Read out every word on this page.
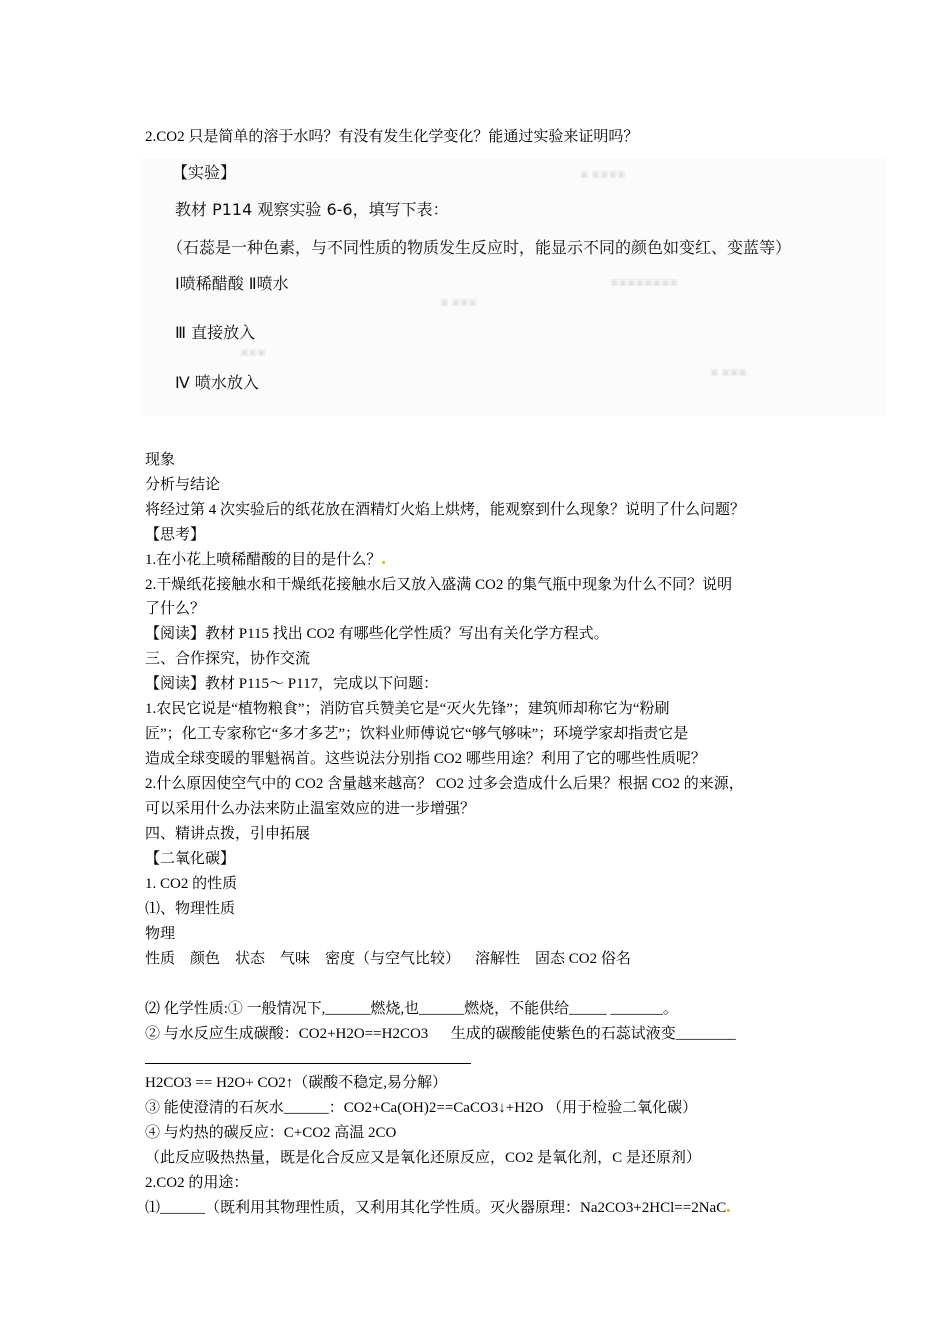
2.CO2 只是简单的溶于水吗？有没有发生化学变化？能通过实验来证明吗？
【实验】
教材 P114 观察实验 6-6，填写下表：
（石蕊是一种色素，与不同性质的物质发生反应时，能显示不同的颜色如变红、变蓝等）
Ⅰ喷稀醋酸 Ⅱ喷水
Ⅲ 直接放入
Ⅳ 喷水放入
▣ ▣▣▣▣
▣▣▣▣▣▣▣▣
▣ ▣▣▣
▣▣▣
▣ ▣▣▣
现象
分析与结论
将经过第 4 次实验后的纸花放在酒精灯火焰上烘烤，能观察到什么现象？说明了什么问题？
【思考】
1.在小花上喷稀醋酸的目的是什么？
2.干燥纸花接触水和干燥纸花接触水后又放入盛满 CO2 的集气瓶中现象为什么不同？说明
了什么？
【阅读】教材 P115 找出 CO2 有哪些化学性质？写出有关化学方程式。
三、合作探究，协作交流
【阅读】教材 P115～ P117，完成以下问题：
1.农民它说是“植物粮食”；消防官兵赞美它是“灭火先锋”；建筑师却称它为“粉刷
匠”；化工专家称它“多才多艺”；饮料业师傅说它“够气够味”；环境学家却指责它是
造成全球变暖的罪魁祸首。这些说法分别指 CO2 哪些用途？利用了它的哪些性质呢？
2.什么原因使空气中的 CO2 含量越来越高？ CO2 过多会造成什么后果？根据 CO2 的来源，
可以采用什么办法来防止温室效应的进一步增强？
四、精讲点拨，引申拓展
【二氧化碳】
1. CO2 的性质
⑴、物理性质
物理
性质    颜色    状态    气味    密度（与空气比较）    溶解性    固态 CO2 俗名
⑵ 化学性质:① 一般情况下,______燃烧,也______燃烧，不能供给_____ _______。
② 与水反应生成碳酸：CO2+H2O==H2CO3      生成的碳酸能使紫色的石蕊试液变________
H2CO3 == H2O+ CO2↑（碳酸不稳定,易分解）
③ 能使澄清的石灰水______：CO2+Ca(OH)2==CaCO3↓+H2O （用于检验二氧化碳）
④ 与灼热的碳反应：C+CO2 高温 2CO
（此反应吸热热量，既是化合反应又是氧化还原反应，CO2 是氧化剂，C 是还原剂）
2.CO2 的用途：
⑴______（既利用其物理性质，又利用其化学性质。灭火器原理：Na2CO3+2HCl==2NaC
